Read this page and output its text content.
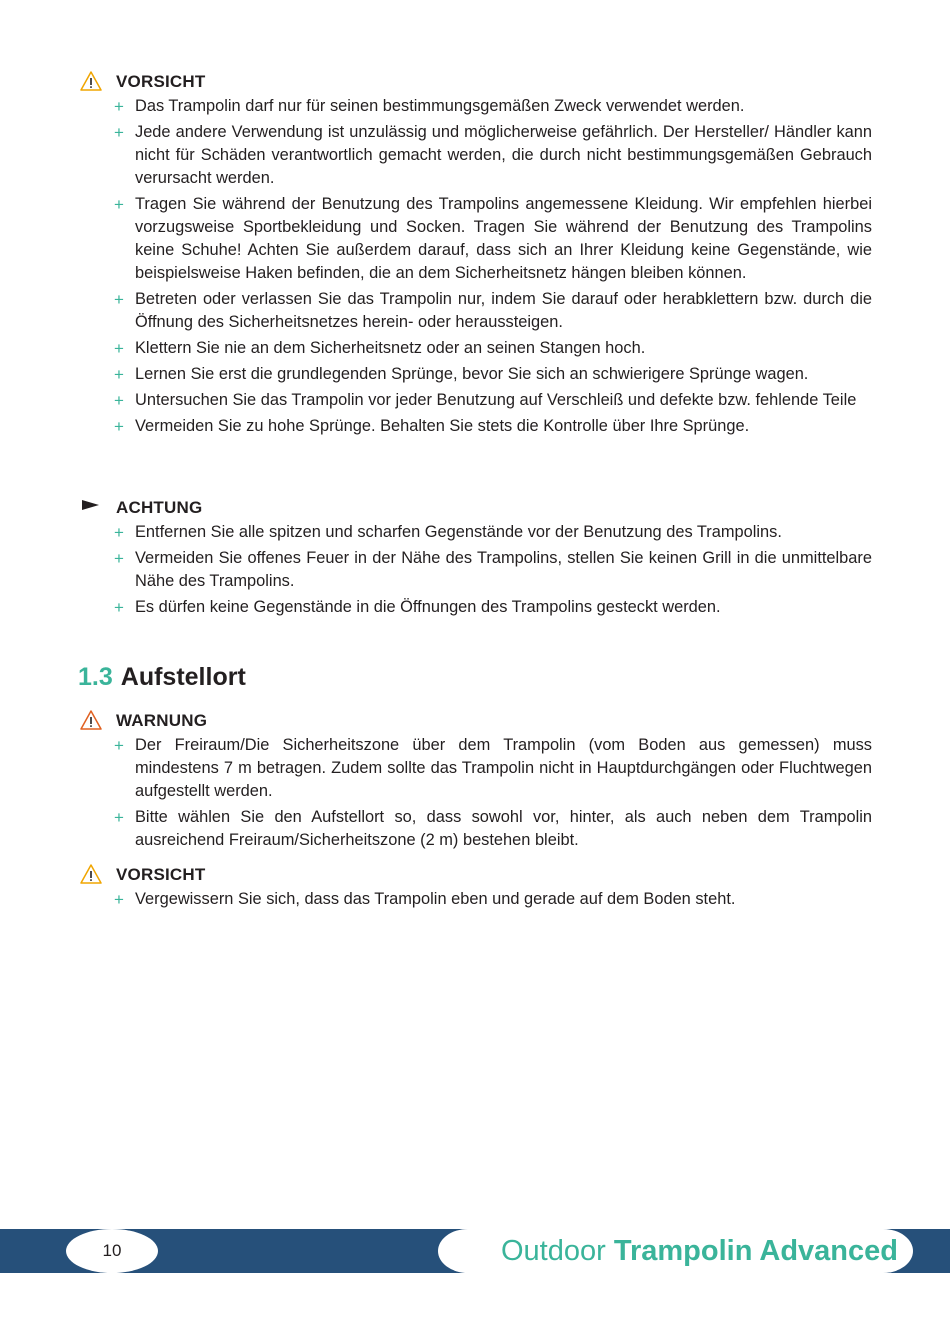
VORSICHT
+ Das Trampolin darf nur für seinen bestimmungsgemäßen Zweck verwendet werden.
+ Jede andere Verwendung ist unzulässig und möglicherweise gefährlich. Der Hersteller/ Händler kann nicht für Schäden verantwortlich gemacht werden, die durch nicht bestimmungsgemäßen Gebrauch verursacht werden.
+ Tragen Sie während der Benutzung des Trampolins angemessene Kleidung. Wir empfehlen hierbei vorzugsweise Sportbekleidung und Socken. Tragen Sie während der Benutzung des Trampolins keine Schuhe! Achten Sie außerdem darauf, dass sich an Ihrer Kleidung keine Gegenstände, wie beispielsweise Haken befinden, die an dem Sicherheitsnetz hängen bleiben können.
+ Betreten oder verlassen Sie das Trampolin nur, indem Sie darauf oder herabklettern bzw. durch die Öffnung des Sicherheitsnetzes herein- oder heraussteigen.
+ Klettern Sie nie an dem Sicherheitsnetz oder an seinen Stangen hoch.
+ Lernen Sie erst die grundlegenden Sprünge, bevor Sie sich an schwierigere Sprünge wagen.
+ Untersuchen Sie das Trampolin vor jeder Benutzung auf Verschleiß und defekte bzw. fehlende Teile
+ Vermeiden Sie zu hohe Sprünge. Behalten Sie stets die Kontrolle über Ihre Sprünge.
ACHTUNG
+ Entfernen Sie alle spitzen und scharfen Gegenstände vor der Benutzung des Trampolins.
+ Vermeiden Sie offenes Feuer in der Nähe des Trampolins, stellen Sie keinen Grill in die unmittelbare Nähe des Trampolins.
+ Es dürfen keine Gegenstände in die Öffnungen des Trampolins gesteckt werden.
1.3 Aufstellort
WARNUNG
+ Der Freiraum/Die Sicherheitszone über dem Trampolin (vom Boden aus gemessen) muss mindestens 7 m betragen. Zudem sollte das Trampolin nicht in Hauptdurchgängen oder Fluchtwegen aufgestellt werden.
+ Bitte wählen Sie den Aufstellort so, dass sowohl vor, hinter, als auch neben dem Trampolin ausreichend Freiraum/Sicherheitszone (2 m) bestehen bleibt.
VORSICHT
+ Vergewissern Sie sich, dass das Trampolin eben und gerade auf dem Boden steht.
10	Outdoor Trampolin Advanced
